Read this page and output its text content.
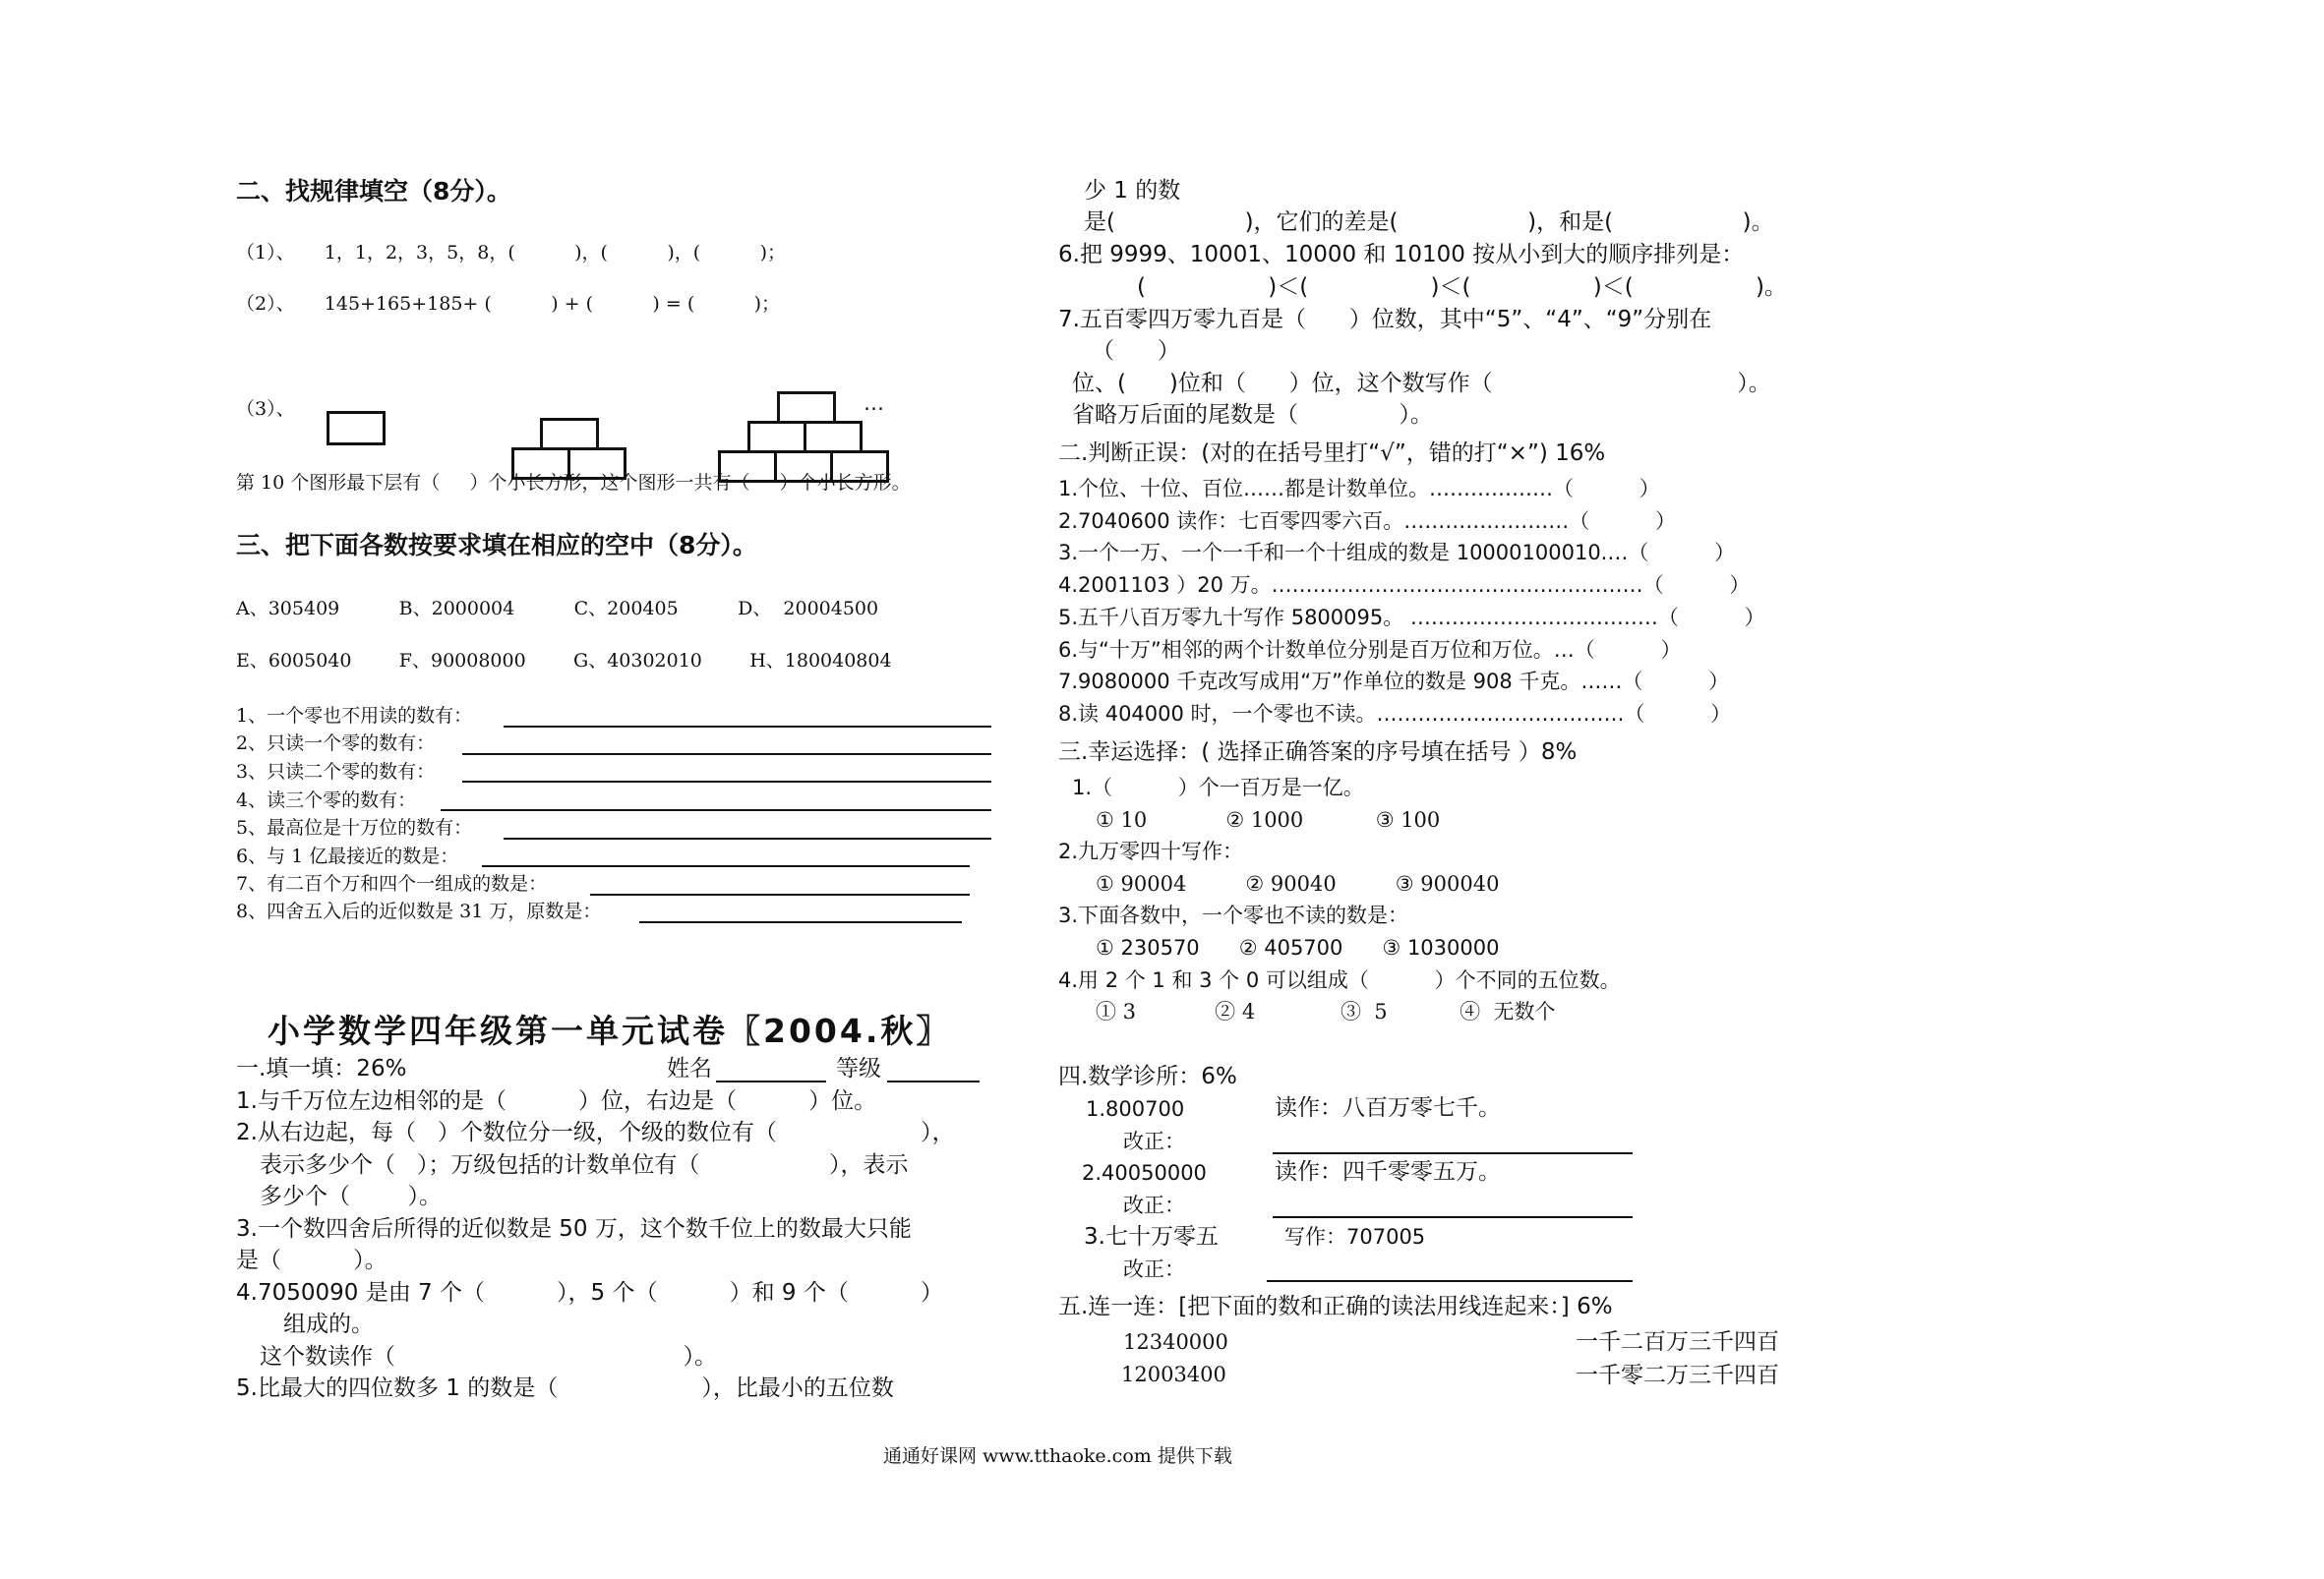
二、找规律填空（8分）。
（1）、     1，1，2，3，5，8，(          )，(          )，(          )；
（2）、     145+165+185+ (          ) + (          ) = (          )；
（3）、	…
第 10 个图形最下层有（     ）个小长方形，这个图形一共有（     ）个小长方形。
三、把下面各数按要求填在相应的空中（8分）。
A、305409          B、2000004          C、200405          D、  20004500
E、6005040        F、90008000        G、40302010        H、180040804
1、一个零也不用读的数有：
2、只读一个零的数有：
3、只读二个零的数有：
4、读三个零的数有：
5、最高位是十万位的数有：
6、与 1 亿最接近的数是：
7、有二百个万和四个一组成的数是：
8、四舍五入后的近似数是 31 万，原数是：
小学数学四年级第一单元试卷〖2004.秋〗
一.填一填：26%	姓名	等级
1.与千万位左边相邻的是（          ）位，右边是（          ）位。
2.从右边起，每（   ）个数位分一级，个级的数位有（                    ），
表示多少个（   ）；万级包括的计数单位有（                  ），表示
多少个（        ）。
3.一个数四舍后所得的近似数是 50 万，这个数千位上的数最大只能
是（          ）。
4.7050090 是由 7 个（          ），5 个（          ）和 9 个（          ）
组成的。
这个数读作（                                        ）。
5.比最大的四位数多 1 的数是（                    ），比最小的五位数
少 1 的数
是(                  )，它们的差是(                  )，和是(                  )。
6.把 9999、10001、10000 和 10100 按从小到大的顺序排列是：
(                 )＜(                 )＜(                 )＜(                 )。
7.五百零四万零九百是（      ）位数，其中“5”、“4”、“9”分别在
（      ）
位、(      )位和（      ）位，这个数写作（                                  ）。
省略万后面的尾数是（              ）。
二.判断正误：(对的在括号里打“√”，错的打“×”) 16%
1.个位、十位、百位……都是计数单位。………………（          ）
2.7040600 读作：七百零四零六百。……………………（          ）
3.一个一万、一个一千和一个十组成的数是 10000100010.…（          ）
4.2001103 ）20 万。………………………………………………（          ）
5.五千八百万零九十写作 5800095。 ………………………………（          ）
6.与“十万”相邻的两个计数单位分别是百万位和万位。…（          ）
7.9080000 千克改写成用“万”作单位的数是 908 千克。……（          ）
8.读 404000 时，一个零也不读。………………………………（          ）
三.幸运选择：( 选择正确答案的序号填在括号 ）8%
1.（          ）个一百万是一亿。
① 10            ② 1000           ③ 100
2.九万零四十写作：
① 90004         ② 90040         ③ 900040
3.下面各数中，一个零也不读的数是：
① 230570      ② 405700      ③ 1030000
4.用 2 个 1 和 3 个 0 可以组成（          ）个不同的五位数。
① 3            ② 4             ③  5           ④  无数个
四.数学诊所：6%
1.800700	读作：八百万零七千。
改正：
2.40050000	读作：四千零零五万。
改正：
3.七十万零五	写作：707005
改正：
五.连一连：[把下面的数和正确的读法用线连起来：] 6%
12340000
12003400
一千二百万三千四百
一千零二万三千四百
通通好课网 www.tthaoke.com 提供下载
